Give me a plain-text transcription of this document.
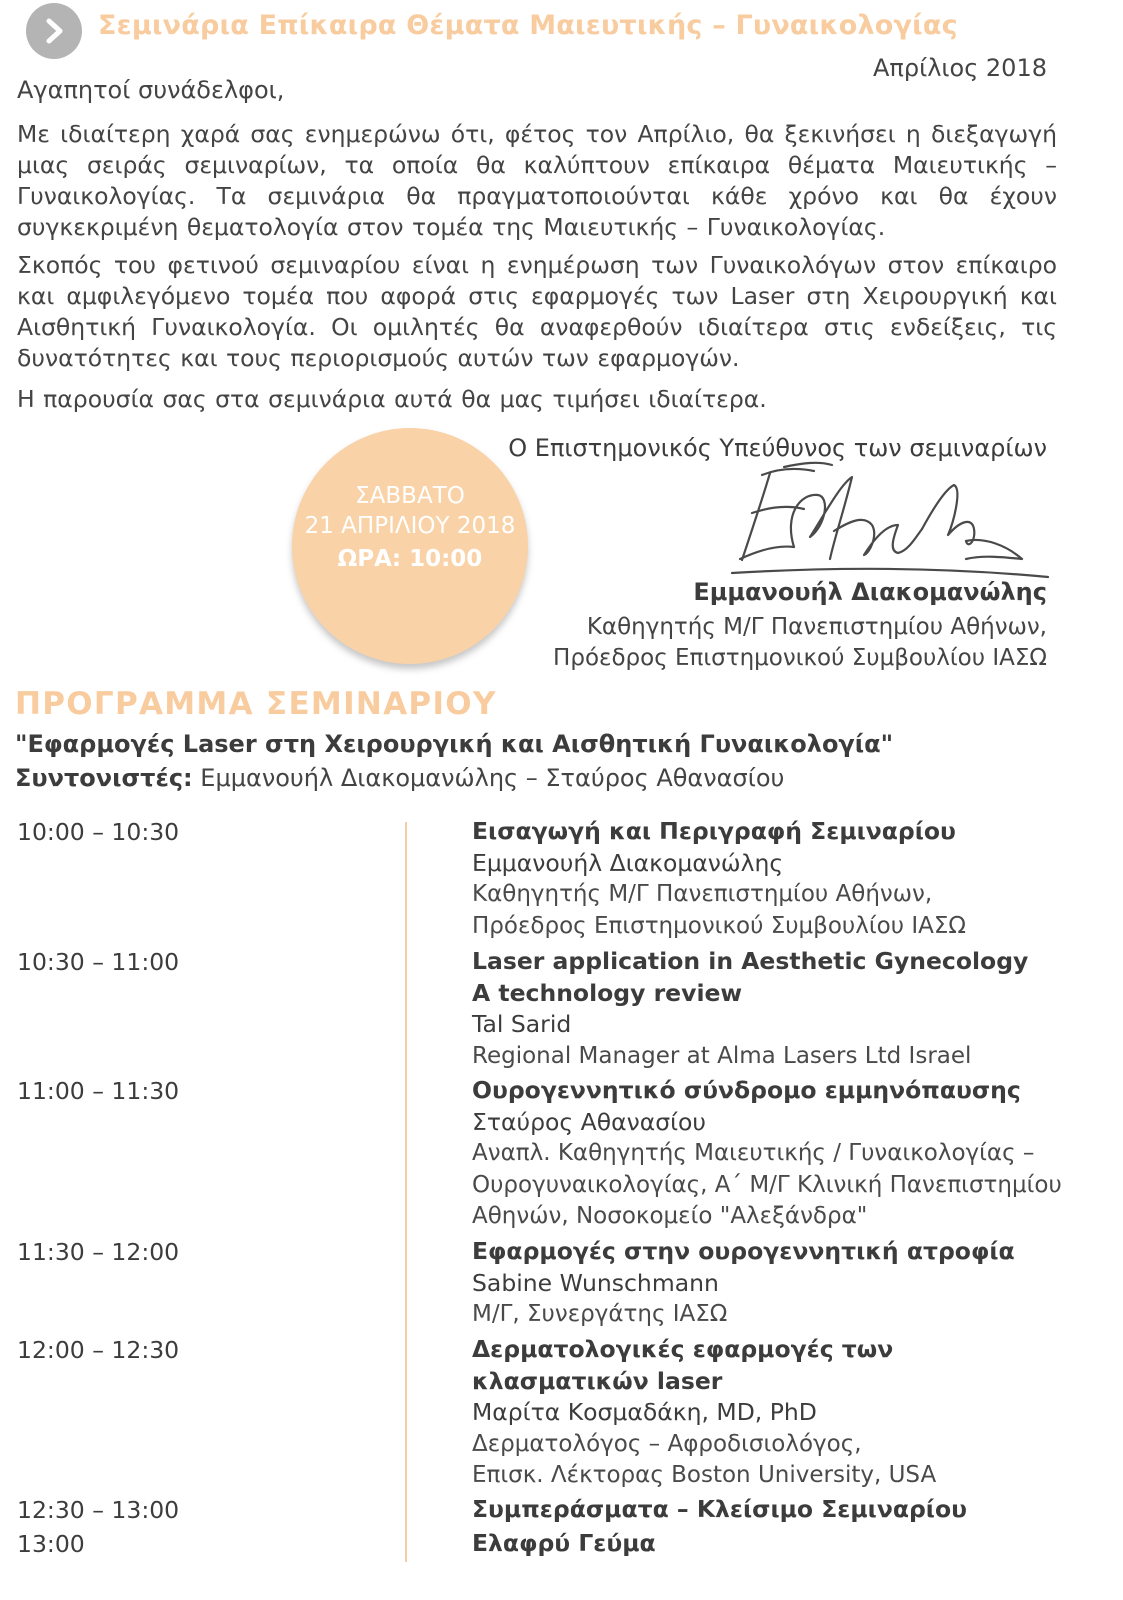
Σεμινάρια Επίκαιρα Θέματα Μαιευτικής – Γυναικολογίας
Απρίλιος 2018
Αγαπητοί συνάδελφοι,
Με ιδιαίτερη χαρά σας ενημερώνω ότι, φέτος τον Απρίλιο, θα ξεκινήσει η διεξαγωγή μιας σειράς σεμιναρίων, τα οποία θα καλύπτουν επίκαιρα θέματα Μαιευτικής – Γυναικολογίας. Τα σεμινάρια θα πραγματοποιούνται κάθε χρόνο και θα έχουν συγκεκριμένη θεματολογία στον τομέα της Μαιευτικής – Γυναικολογίας.
Σκοπός του φετινού σεμιναρίου είναι η ενημέρωση των Γυναικολόγων στον επίκαιρο και αμφιλεγόμενο τομέα που αφορά στις εφαρμογές των Laser στη Χειρουργική και Αισθητική Γυναικολογία. Οι ομιλητές θα αναφερθούν ιδιαίτερα στις ενδείξεις, τις δυνατότητες και τους περιορισμούς αυτών των εφαρμογών.
Η παρουσία σας στα σεμινάρια αυτά θα μας τιμήσει ιδιαίτερα.
Ο Επιστημονικός Υπεύθυνος των σεμιναρίων
ΣΑΒΒΑΤΟ
21 ΑΠΡΙΛΙΟΥ 2018
ΩΡΑ: 10:00
Εμμανουήλ Διακομανώλης
Καθηγητής Μ/Γ Πανεπιστημίου Αθήνων,
Πρόεδρος Επιστημονικού Συμβουλίου ΙΑΣΩ
ΠΡΟΓΡΑΜΜΑ ΣΕΜΙΝΑΡΙΟΥ
"Εφαρμογές Laser στη Χειρουργική και Αισθητική Γυναικολογία"
Συντονιστές: Εμμανουήλ Διακομανώλης – Σταύρος Αθανασίου
10:00 – 10:30	Εισαγωγή και Περιγραφή Σεμιναρίου
Εμμανουήλ Διακομανώλης
Καθηγητής Μ/Γ Πανεπιστημίου Αθήνων,
Πρόεδρος Επιστημονικού Συμβουλίου ΙΑΣΩ
10:30 – 11:00	Laser application in Aesthetic Gynecology
A technology review
Tal Sarid
Regional Manager at Alma Lasers Ltd Israel
11:00 – 11:30	Ουρογεννητικό σύνδρομο εμμηνόπαυσης
Σταύρος Αθανασίου
Αναπλ. Καθηγητής Μαιευτικής / Γυναικολογίας –
Ουρογυναικολογίας, Α΄ Μ/Γ Κλινική Πανεπιστημίου
Αθηνών, Νοσοκομείο "Αλεξάνδρα"
11:30 – 12:00	Εφαρμογές στην ουρογεννητική ατροφία
Sabine Wunschmann
Μ/Γ, Συνεργάτης ΙΑΣΩ
12:00 – 12:30	Δερματολογικές εφαρμογές των
κλασματικών laser
Μαρίτα Κοσμαδάκη, MD, PhD
Δερματολόγος – Αφροδισιολόγος,
Επισκ. Λέκτορας Boston University, USA
12:30 – 13:00	Συμπεράσματα – Κλείσιμο Σεμιναρίου
13:00	Ελαφρύ Γεύμα
